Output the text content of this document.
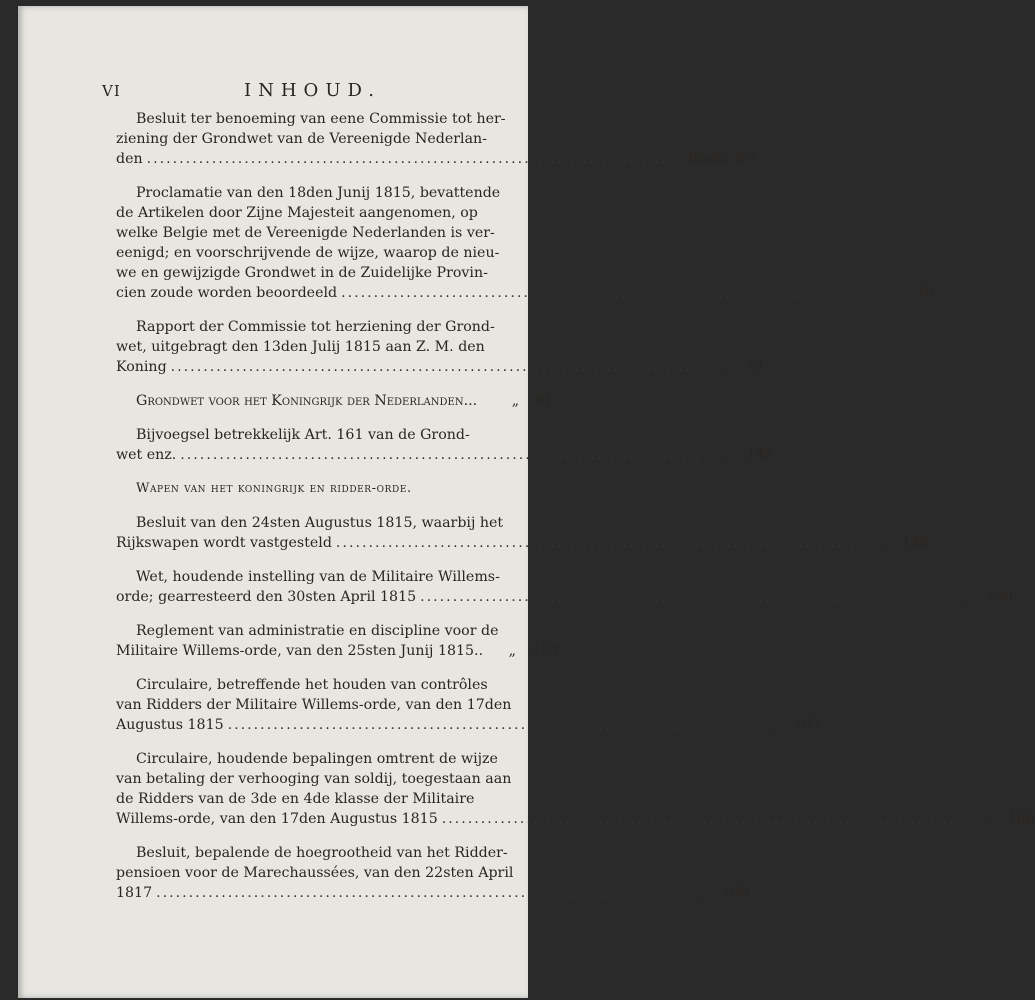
VI	INHOUD.
Besluit ter benoeming van eene Commissie tot her-
ziening der Grondwet van de Vereenigde Nederlan-
den ................................................................................	Bladz. 67
Proclamatie van den 18den Junij 1815, bevattende
de Artikelen door Zijne Majesteit aangenomen, op
welke Belgie met de Vereenigde Nederlanden is ver-
eenigd; en voorschrijvende de wijze, waarop de nieu-
we en gewijzigde Grondwet in de Zuidelijke Provin-
cien zoude worden beoordeeld ................................................................................	„ 70
Rapport der Commissie tot herziening der Grond-
wet, uitgebragt den 13den Julij 1815 aan Z. M. den
Koning ................................................................................	„ 73
Grondwet voor het Koningrijk der Nederlanden...	„ 91
Bijvoegsel betrekkelijk Art. 161 van de Grond-
wet enz. ................................................................................	„ 145
Wapen van het koningrijk en ridder-orde.
Besluit van den 24sten Augustus 1815, waarbij het
Rijkswapen wordt vastgesteld ................................................................................	„ 148
Wet, houdende instelling van de Militaire Willems-
orde; gearresteerd den 30sten April 1815 ................................................................................	„ 150
Reglement van administratie en discipline voor de
Militaire Willems-orde, van den 25sten Junij 1815..	„ 153
Circulaire, betreffende het houden van contrôles
van Ridders der Militaire Willems-orde, van den 17den
Augustus 1815 ................................................................................	„ 163
Circulaire, houdende bepalingen omtrent de wijze
van betaling der verhooging van soldij, toegestaan aan
de Ridders van de 3de en 4de klasse der Militaire
Willems-orde, van den 17den Augustus 1815 ................................................................................	„ 166
Besluit, bepalende de hoegrootheid van het Ridder-
pensioen voor de Marechaussées, van den 22sten April
1817 ................................................................................	„ 169
